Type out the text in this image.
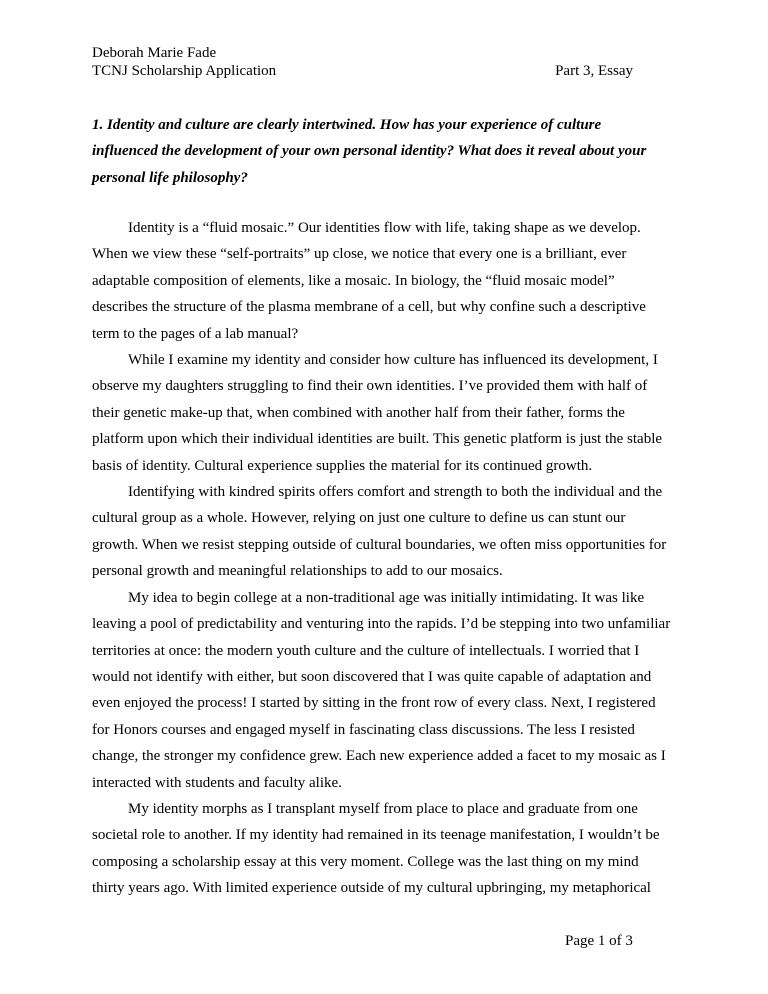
Deborah Marie Fade
TCNJ Scholarship Application	Part 3, Essay
1. Identity and culture are clearly intertwined. How has your experience of culture
influenced the development of your own personal identity? What does it reveal about your
personal life philosophy?

Identity is a “fluid mosaic.” Our identities flow with life, taking shape as we develop.
When we view these “self-portraits” up close, we notice that every one is a brilliant, ever
adaptable composition of elements, like a mosaic. In biology, the “fluid mosaic model”
describes the structure of the plasma membrane of a cell, but why confine such a descriptive
term to the pages of a lab manual?

While I examine my identity and consider how culture has influenced its development, I
observe my daughters struggling to find their own identities. I’ve provided them with half of
their genetic make-up that, when combined with another half from their father, forms the
platform upon which their individual identities are built. This genetic platform is just the stable
basis of identity. Cultural experience supplies the material for its continued growth.

Identifying with kindred spirits offers comfort and strength to both the individual and the
cultural group as a whole. However, relying on just one culture to define us can stunt our
growth. When we resist stepping outside of cultural boundaries, we often miss opportunities for
personal growth and meaningful relationships to add to our mosaics.

My idea to begin college at a non-traditional age was initially intimidating. It was like
leaving a pool of predictability and venturing into the rapids. I’d be stepping into two unfamiliar
territories at once: the modern youth culture and the culture of intellectuals. I worried that I
would not identify with either, but soon discovered that I was quite capable of adaptation and
even enjoyed the process! I started by sitting in the front row of every class. Next, I registered
for Honors courses and engaged myself in fascinating class discussions. The less I resisted
change, the stronger my confidence grew. Each new experience added a facet to my mosaic as I
interacted with students and faculty alike.

My identity morphs as I transplant myself from place to place and graduate from one
societal role to another. If my identity had remained in its teenage manifestation, I wouldn’t be
composing a scholarship essay at this very moment. College was the last thing on my mind
thirty years ago. With limited experience outside of my cultural upbringing, my metaphorical

Page 1 of 3
